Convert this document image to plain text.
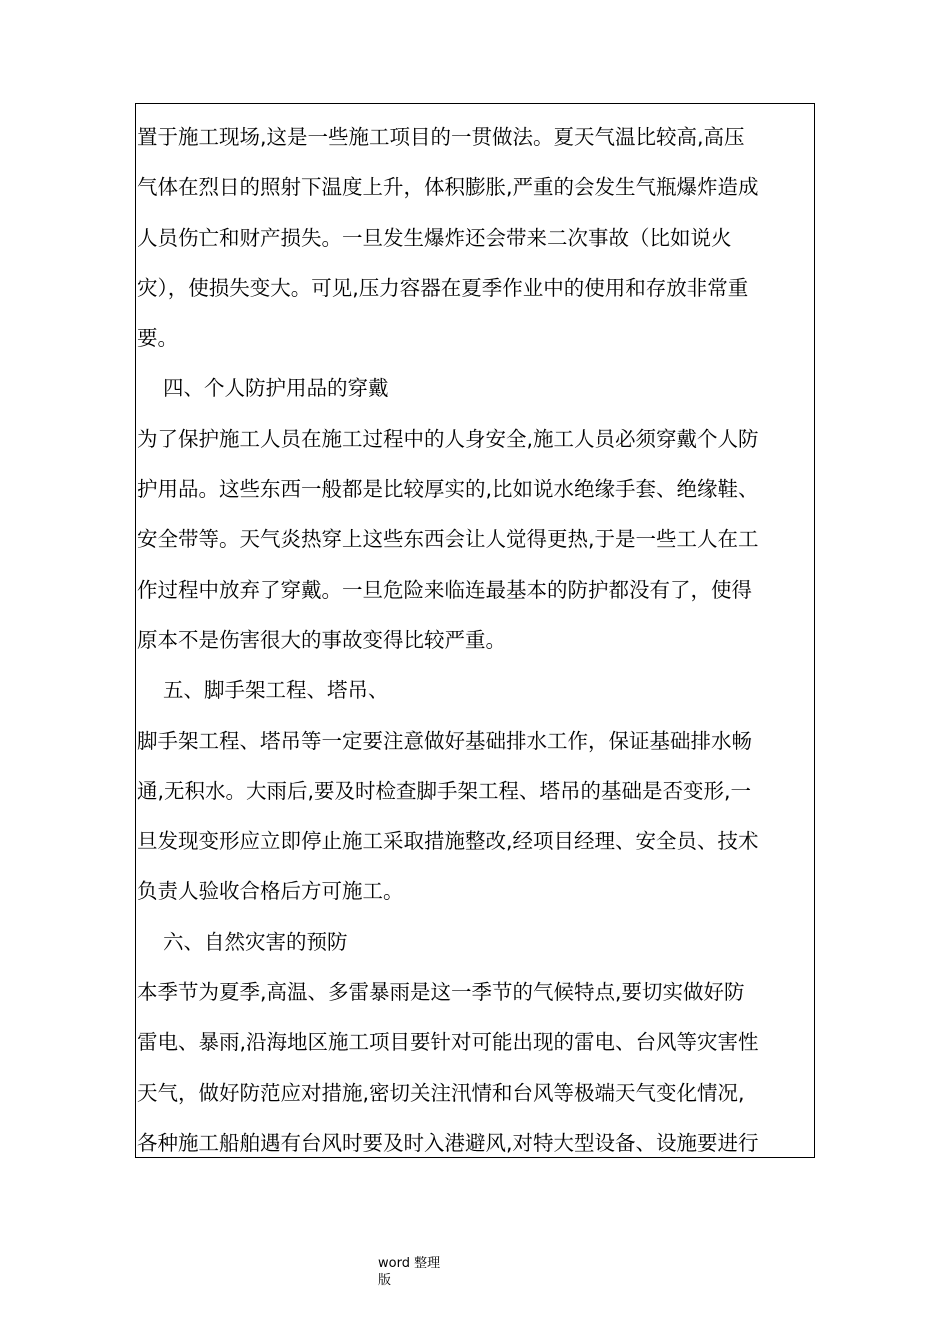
置于施工现场,这是一些施工项目的一贯做法。夏天气温比较高,高压
气体在烈日的照射下温度上升，体积膨胀,严重的会发生气瓶爆炸造成
人员伤亡和财产损失。一旦发生爆炸还会带来二次事故（比如说火
灾），使损失变大。可见,压力容器在夏季作业中的使用和存放非常重
要。
四、个人防护用品的穿戴
为了保护施工人员在施工过程中的人身安全,施工人员必须穿戴个人防
护用品。这些东西一般都是比较厚实的,比如说水绝缘手套、绝缘鞋、
安全带等。天气炎热穿上这些东西会让人觉得更热,于是一些工人在工
作过程中放弃了穿戴。一旦危险来临连最基本的防护都没有了，使得
原本不是伤害很大的事故变得比较严重。
五、脚手架工程、塔吊、
脚手架工程、塔吊等一定要注意做好基础排水工作，保证基础排水畅
通,无积水。大雨后,要及时检查脚手架工程、塔吊的基础是否变形,一
旦发现变形应立即停止施工采取措施整改,经项目经理、安全员、技术
负责人验收合格后方可施工。
六、自然灾害的预防
本季节为夏季,高温、多雷暴雨是这一季节的气候特点,要切实做好防
雷电、暴雨,沿海地区施工项目要针对可能出现的雷电、台风等灾害性
天气，做好防范应对措施,密切关注汛情和台风等极端天气变化情况,
各种施工船舶遇有台风时要及时入港避风,对特大型设备、设施要进行
word 整理
版
